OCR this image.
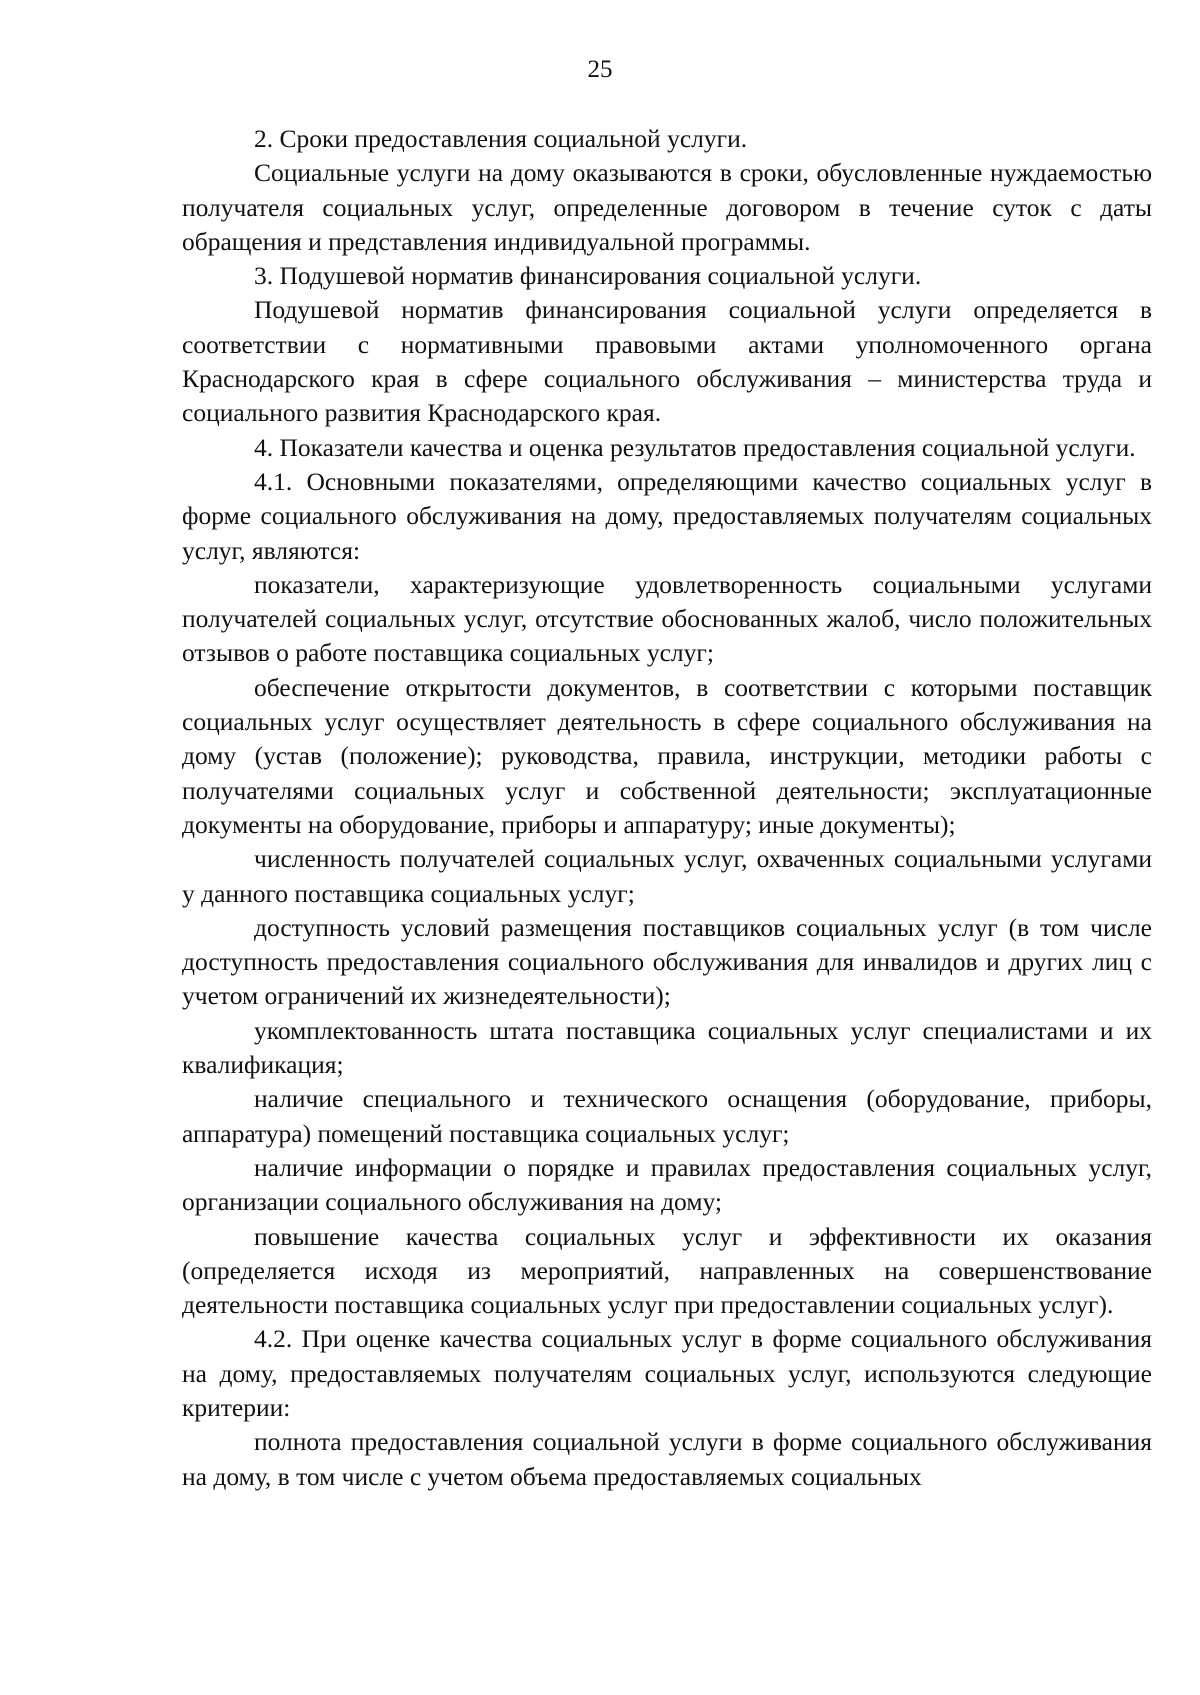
25

2. Сроки предоставления социальной услуги.

Социальные услуги на дому оказываются в сроки, обусловленные нуждаемостью получателя социальных услуг, определенные договором в течение суток с даты обращения и представления индивидуальной программы.

3. Подушевой норматив финансирования социальной услуги.

Подушевой норматив финансирования социальной услуги определяется в соответствии с нормативными правовыми актами уполномоченного органа Краснодарского края в сфере социального обслуживания – министерства труда и социального развития Краснодарского края.

4. Показатели качества и оценка результатов предоставления социальной услуги.

4.1. Основными показателями, определяющими качество социальных услуг в форме социального обслуживания на дому, предоставляемых получателям социальных услуг, являются:

показатели, характеризующие удовлетворенность социальными услугами получателей социальных услуг, отсутствие обоснованных жалоб, число положительных отзывов о работе поставщика социальных услуг;

обеспечение открытости документов, в соответствии с которыми поставщик социальных услуг осуществляет деятельность в сфере социального обслуживания на дому (устав (положение); руководства, правила, инструкции, методики работы с получателями социальных услуг и собственной деятельности; эксплуатационные документы на оборудование, приборы и аппаратуру; иные документы);

численность получателей социальных услуг, охваченных социальными услугами у данного поставщика социальных услуг;

доступность условий размещения поставщиков социальных услуг (в том числе доступность предоставления социального обслуживания для инвалидов и других лиц с учетом ограничений их жизнедеятельности);

укомплектованность штата поставщика социальных услуг специалистами и их квалификация;

наличие специального и технического оснащения (оборудование, приборы, аппаратура) помещений поставщика социальных услуг;

наличие информации о порядке и правилах предоставления социальных услуг, организации социального обслуживания на дому;

повышение качества социальных услуг и эффективности их оказания (определяется исходя из мероприятий, направленных на совершенствование деятельности поставщика социальных услуг при предоставлении социальных услуг).

4.2. При оценке качества социальных услуг в форме социального обслуживания на дому, предоставляемых получателям социальных услуг, используются следующие критерии:

полнота предоставления социальной услуги в форме социального обслуживания на дому, в том числе с учетом объема предоставляемых социальных
